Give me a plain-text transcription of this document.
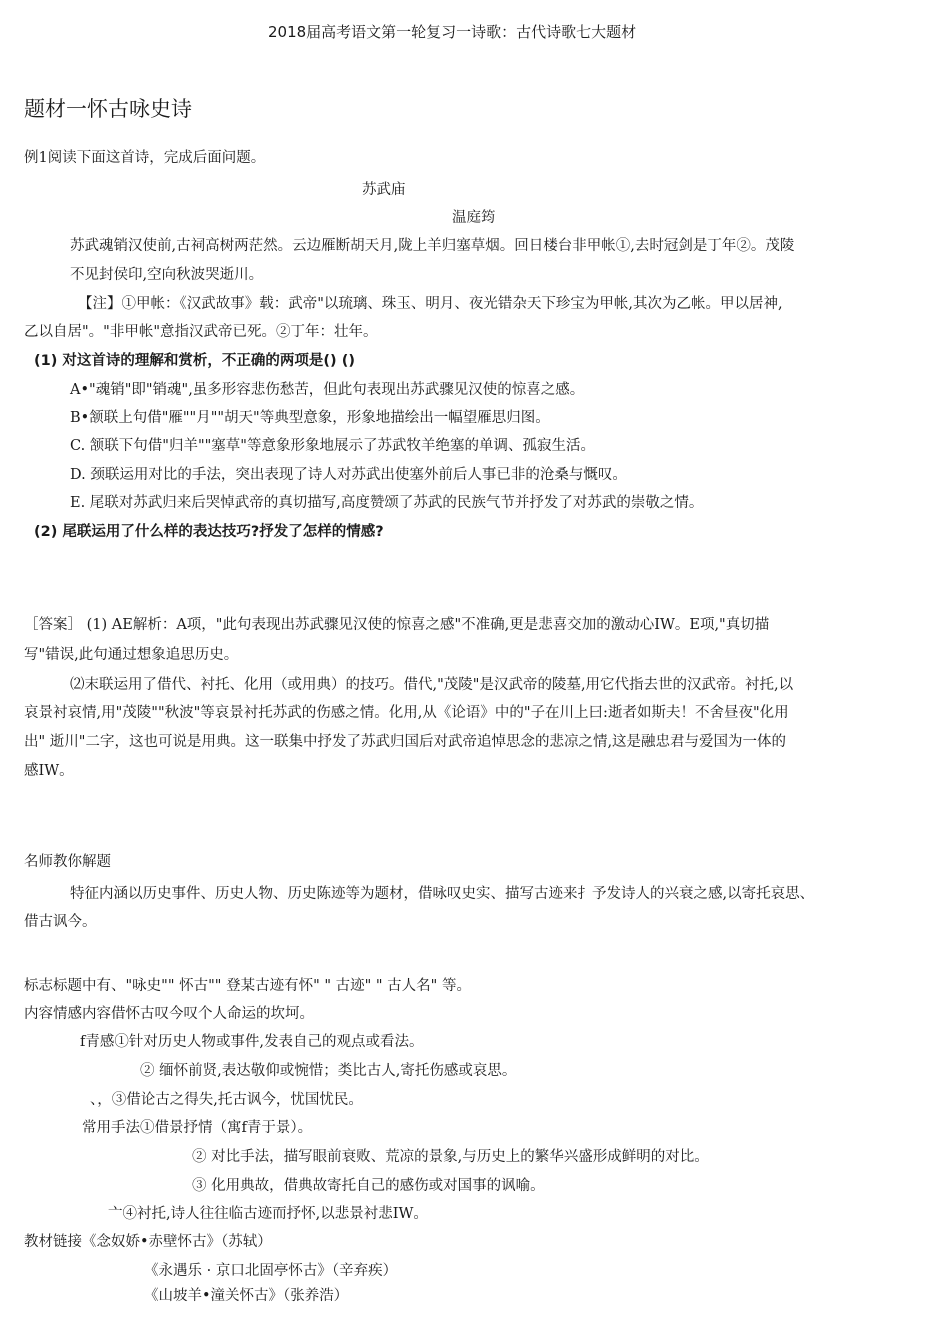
2018届高考语文第一轮复习一诗歌：古代诗歌七大题材
题材一怀古咏史诗
例1阅读下面这首诗，完成后面问题。
苏武庙
温庭筠
苏武魂销汉使前,古祠高树两茫然。云边雁断胡天月,陇上羊归塞草烟。回日楼台非甲帐①,去时冠剑是丁年②。茂陵
不见封侯印,空向秋波哭逝川。
【注】①甲帐：《汉武故事》载：武帝"以琉璃、珠玉、明月、夜光错杂天下珍宝为甲帐,其次为乙帐。甲以居神,
乙以自居"。"非甲帐"意指汉武帝已死。②丁年：壮年。
(1) 对这首诗的理解和赏析，不正确的两项是() ()
A•"魂销"即"销魂",虽多形容悲伤愁苦，但此句表现出苏武骤见汉使的惊喜之感。
B•颔联上句借"雁""月""胡天"等典型意象，形象地描绘出一幅望雁思归图。
C. 颔联下句借"归羊""塞草"等意象形象地展示了苏武牧羊绝塞的单调、孤寂生活。
D. 颈联运用对比的手法，突出表现了诗人对苏武出使塞外前后人事已非的沧桑与慨叹。
E. 尾联对苏武归来后哭悼武帝的真切描写,高度赞颂了苏武的民族气节并抒发了对苏武的崇敬之情。
(2) 尾联运用了什么样的表达技巧?抒发了怎样的情感?
［答案］ (1) AE解析：A项，"此句表现出苏武骤见汉使的惊喜之感"不准确,更是悲喜交加的激动心IW。E项,"真切描
写"错误,此句通过想象追思历史。
⑵末联运用了借代、衬托、化用（或用典）的技巧。借代,"茂陵"是汉武帝的陵墓,用它代指去世的汉武帝。衬托,以
哀景衬哀情,用"茂陵""秋波"等哀景衬托苏武的伤感之情。化用,从《论语》中的"子在川上曰:逝者如斯夫！不舍昼夜"化用
出" 逝川"二字，这也可说是用典。这一联集中抒发了苏武归国后对武帝追悼思念的悲凉之情,这是融忠君与爱国为一体的
感IW。
名师教你解题
特征内涵以历史事件、历史人物、历史陈迹等为题材，借咏叹史实、描写古迹来扌予发诗人的兴衰之感,以寄托哀思、
借古讽今。
标志标题中有、"咏史"" 怀古"" 登某古迹有怀" " 古迹" " 古人名" 等。
内容情感内容借怀古叹今叹个人命运的坎坷。
f青感①针对历史人物或事件,发表自己的观点或看法。
② 缅怀前贤,表达敬仰或惋惜；类比古人,寄托伤感或哀思。
、，③借论古之得失,托古讽今，忧国忧民。
常用手法①借景抒情（寓f青于景）。
② 对比手法，描写眼前衰败、荒凉的景象,与历史上的繁华兴盛形成鲜明的对比。
③ 化用典故，借典故寄托自己的感伤或对国事的讽喻。
亠④衬托,诗人往往临古迹而抒怀,以悲景衬悲IW。
教材链接《念奴娇•赤壁怀古》（苏轼）
《永遇乐 · 京口北固亭怀古》（辛弃疾）
《山坡羊•潼关怀古》（张养浩）
